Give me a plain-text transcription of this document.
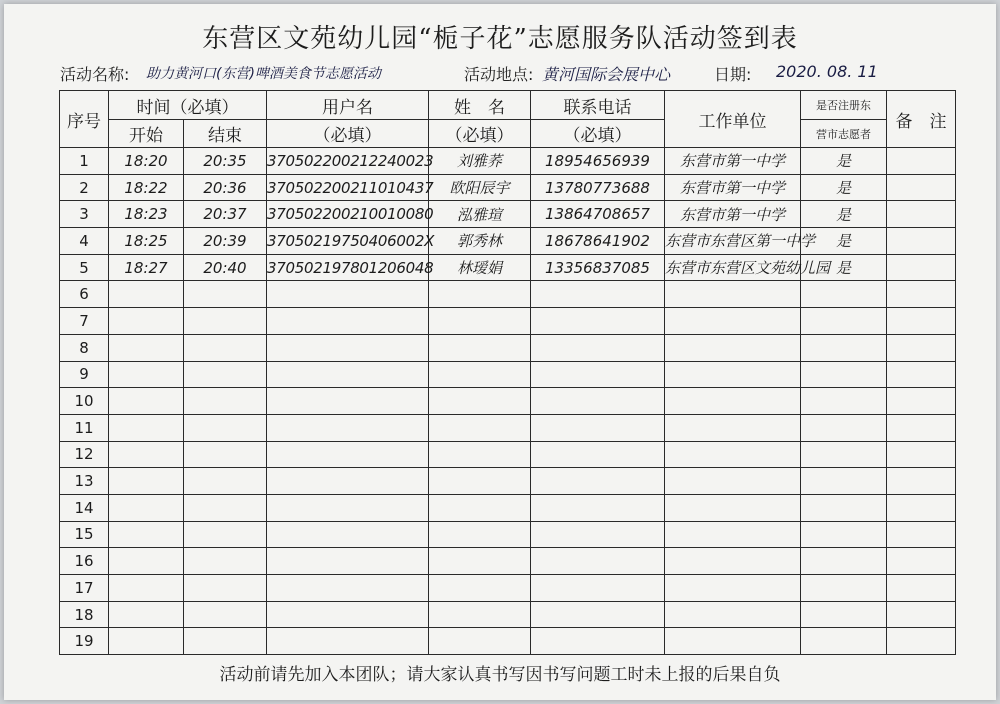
东营区文苑幼儿园“栀子花”志愿服务队活动签到表
活动名称: 助力黄河口(东营)啤酒美食节志愿活动	活动地点: 黄河国际会展中心	日期: 2020. 08. 11
序号	时间（必填）		用户名	姓　名	联系电话	工作单位	是否注册东	备　注
	开始	结束	（必填）	（必填）	（必填）		营市志愿者	
1	18:20	20:35	370502200212240023	刘雅荞	18954656939	东营市第一中学	是	
2	18:22	20:36	370502200211010437	欧阳辰宇	13780773688	东营市第一中学	是	
3	18:23	20:37	370502200210010080	泓雅瑄	13864708657	东营市第一中学	是	
4	18:25	20:39	37050219750406002X	郭秀林	18678641902	东营市东营区第一中学	是	
5	18:27	20:40	370502197801206048	林瑷娟	13356837085	东营市东营区文苑幼儿园	是	
6								
7								
8								
9								
10								
11								
12								
13								
14								
15								
16								
17								
18								
19								
活动前请先加入本团队；请大家认真书写因书写问题工时未上报的后果自负
